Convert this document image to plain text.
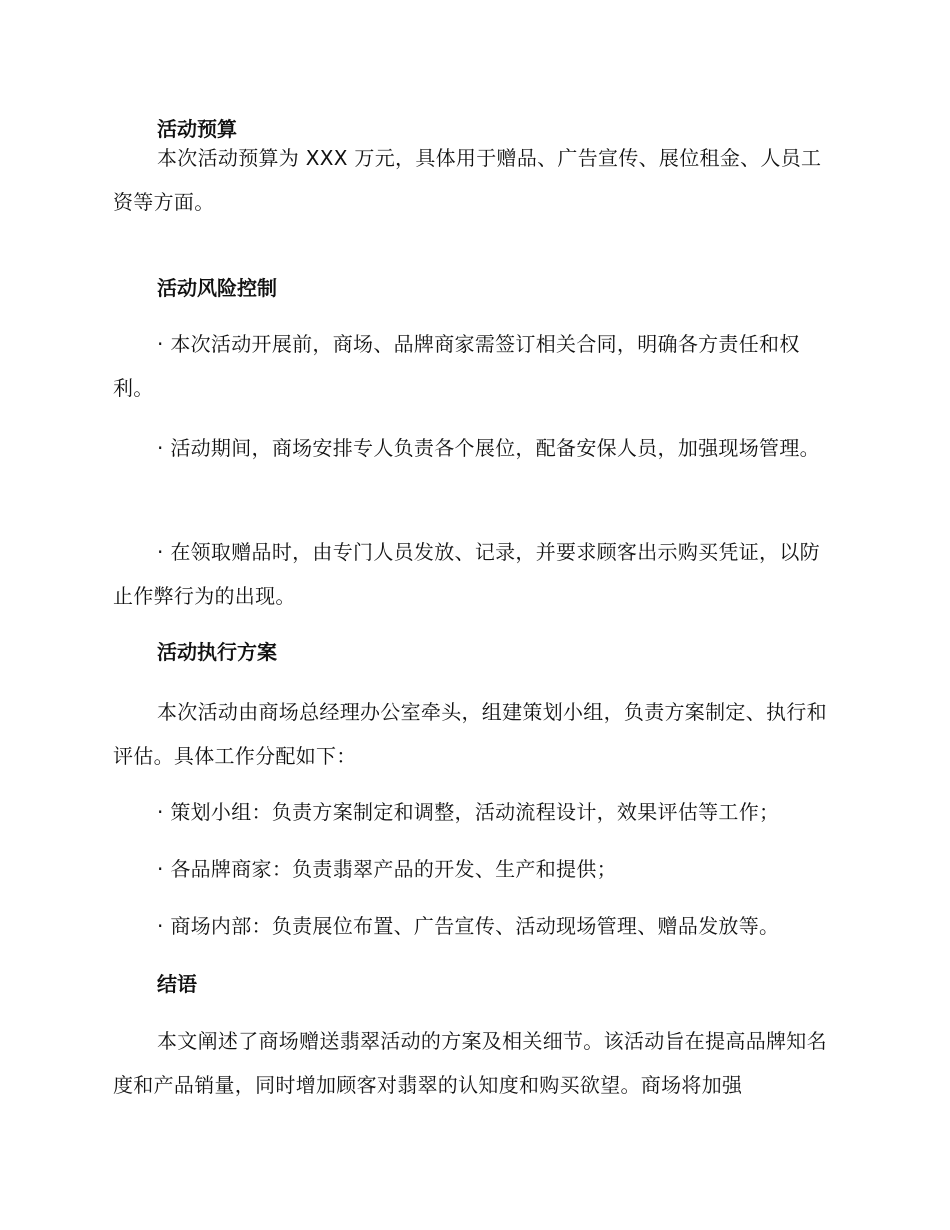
活动预算
本次活动预算为 XXX 万元，具体用于赠品、广告宣传、展位租金、人员工资等方面。
活动风险控制
· 本次活动开展前，商场、品牌商家需签订相关合同，明确各方责任和权利。
· 活动期间，商场安排专人负责各个展位，配备安保人员，加强现场管理。
· 在领取赠品时，由专门人员发放、记录，并要求顾客出示购买凭证，以防止作弊行为的出现。
活动执行方案
本次活动由商场总经理办公室牵头，组建策划小组，负责方案制定、执行和评估。具体工作分配如下：
· 策划小组：负责方案制定和调整，活动流程设计，效果评估等工作；
· 各品牌商家：负责翡翠产品的开发、生产和提供；
· 商场内部：负责展位布置、广告宣传、活动现场管理、赠品发放等。
结语
本文阐述了商场赠送翡翠活动的方案及相关细节。该活动旨在提高品牌知名度和产品销量，同时增加顾客对翡翠的认知度和购买欲望。商场将加强
